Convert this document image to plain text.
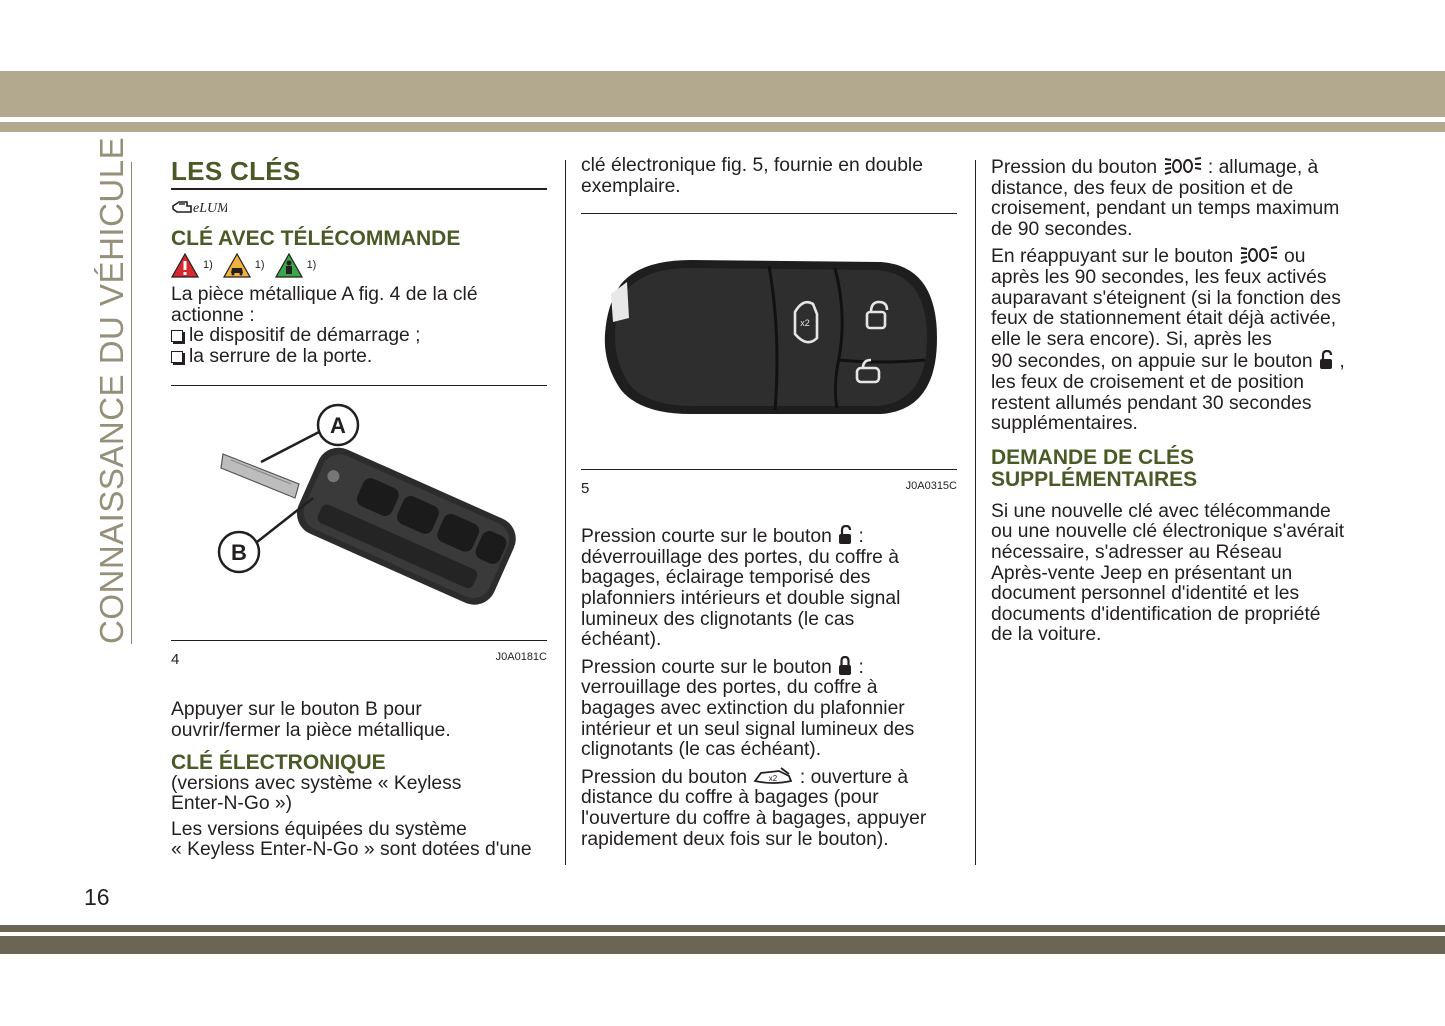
CONNAISSANCE DU VÉHICULE LES CLÉS
eLUM
CLÉ AVEC TÉLÉCOMMANDE
1)	1)	1)

La pièce métallique A fig. 4 de la clé

actionne :

le dispositif de démarrage ;

la serrure de la porte.

A
B
4	J0A0181C

Appuyer sur le bouton B pour

ouvrir/fermer la pièce métallique.

CLÉ ÉLECTRONIQUE

(versions avec système « Keyless

Enter-N-Go »)

Les versions équipées du système

« Keyless Enter-N-Go » sont dotées d'une

clé électronique fig. 5, fournie en double

exemplaire.

x2
5	J0A0315C

Pression courte sur le bouton :

déverrouillage des portes, du coffre à

bagages, éclairage temporisé des

plafonniers intérieurs et double signal

lumineux des clignotants (le cas

échéant).

Pression courte sur le bouton :

verrouillage des portes, du coffre à

bagages avec extinction du plafonnier

intérieur et un seul signal lumineux des

clignotants (le cas échéant).

Pression du bouton	x2 : ouverture à

distance du coffre à bagages (pour

l'ouverture du coffre à bagages, appuyer

rapidement deux fois sur le bouton).

Pression du bouton	: allumage, à

distance, des feux de position et de

croisement, pendant un temps maximum

de 90 secondes.

En réappuyant sur le bouton	ou

après les 90 secondes, les feux activés

auparavant s'éteignent (si la fonction des

feux de stationnement était déjà activée,

elle le sera encore). Si, après les

90 secondes, on appuie sur le bouton ,

les feux de croisement et de position

restent allumés pendant 30 secondes

supplémentaires.

DEMANDE DE CLÉS
SUPPLÉMENTAIRES

Si une nouvelle clé avec télécommande

ou une nouvelle clé électronique s'avérait

nécessaire, s'adresser au Réseau

Après-vente Jeep en présentant un

document personnel d'identité et les

documents d'identification de propriété

de la voiture.

16
